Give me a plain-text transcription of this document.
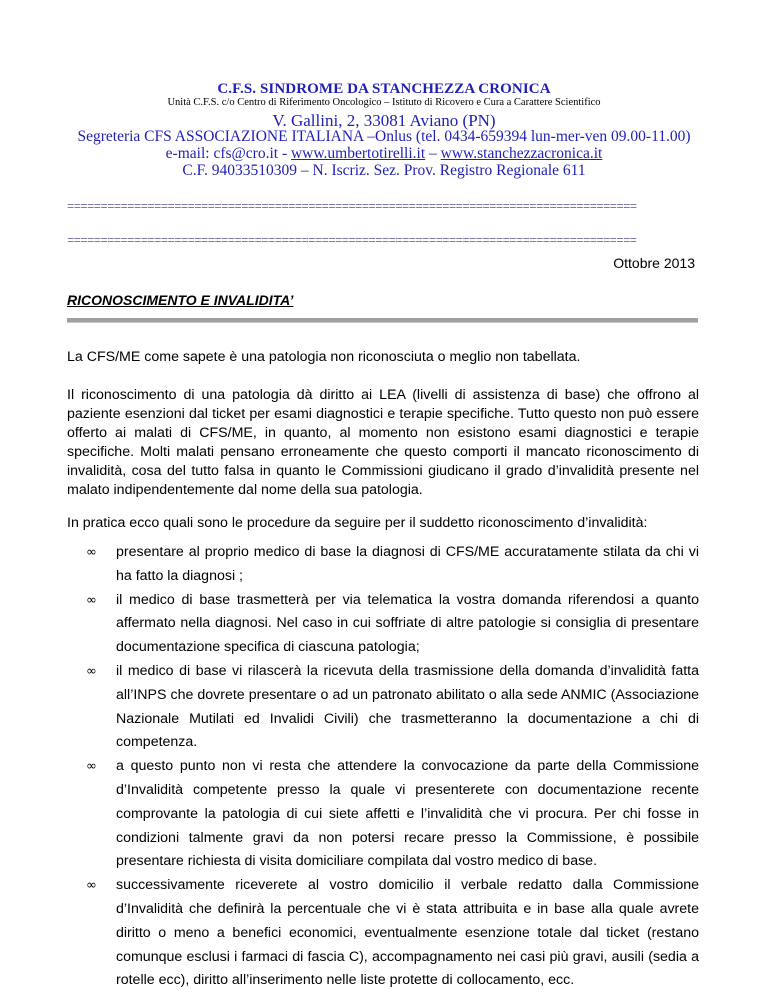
C.F.S. SINDROME DA STANCHEZZA CRONICA
Unità C.F.S. c/o Centro di Riferimento Oncologico – Istituto di Ricovero e Cura a Carattere Scientifico
V. Gallini, 2, 33081 Aviano (PN)
Segreteria CFS ASSOCIAZIONE ITALIANA –Onlus (tel. 0434-659394 lun-mer-ven 09.00-11.00)
e-mail: cfs@cro.it - www.umbertotirelli.it – www.stanchezzacronica.it
C.F. 94033510309 – N. Iscriz. Sez. Prov. Registro Regionale 611
=====================================================================================
=====================================================================================
Ottobre 2013
RICONOSCIMENTO E INVALIDITA’
La CFS/ME come sapete è una patologia non riconosciuta o meglio non tabellata.
Il riconoscimento di una patologia dà diritto ai LEA (livelli di assistenza di base) che offrono al paziente esenzioni dal ticket per esami diagnostici e terapie specifiche. Tutto questo non può essere offerto ai malati di CFS/ME, in quanto, al momento non esistono esami diagnostici e terapie specifiche. Molti malati pensano erroneamente che questo comporti il mancato riconoscimento di invalidità, cosa del tutto falsa in quanto le Commissioni giudicano il grado d’invalidità presente nel malato indipendentemente dal nome della sua patologia.
In pratica ecco quali sono le procedure da seguire per il suddetto riconoscimento d’invalidità:
∞ presentare al proprio medico di base la diagnosi di CFS/ME accuratamente stilata da chi vi ha fatto la diagnosi ;
∞ il medico di base trasmetterà per via telematica la vostra domanda riferendosi a quanto affermato nella diagnosi. Nel caso in cui soffriate di altre patologie si consiglia di presentare documentazione specifica di ciascuna patologia;
∞ il medico di base vi rilascerà la ricevuta della trasmissione della domanda d’invalidità fatta all’INPS che dovrete presentare o ad un patronato abilitato o alla sede ANMIC (Associazione Nazionale Mutilati ed Invalidi Civili) che trasmetteranno la documentazione a chi di competenza.
∞ a questo punto non vi resta che attendere la convocazione da parte della Commissione d’Invalidità competente presso la quale vi presenterete con documentazione recente comprovante la patologia di cui siete affetti e l’invalidità che vi procura. Per chi fosse in condizioni talmente gravi da non potersi recare presso la Commissione, è possibile presentare richiesta di visita domiciliare compilata dal vostro medico di base.
∞ successivamente riceverete al vostro domicilio il verbale redatto dalla Commissione d’Invalidità che definirà la percentuale che vi è stata attribuita e in base alla quale avrete diritto o meno a benefici economici, eventualmente esenzione totale dal ticket (restano comunque esclusi i farmaci di fascia C), accompagnamento nei casi più gravi, ausili (sedia a rotelle ecc), diritto all’inserimento nelle liste protette di collocamento, ecc.
